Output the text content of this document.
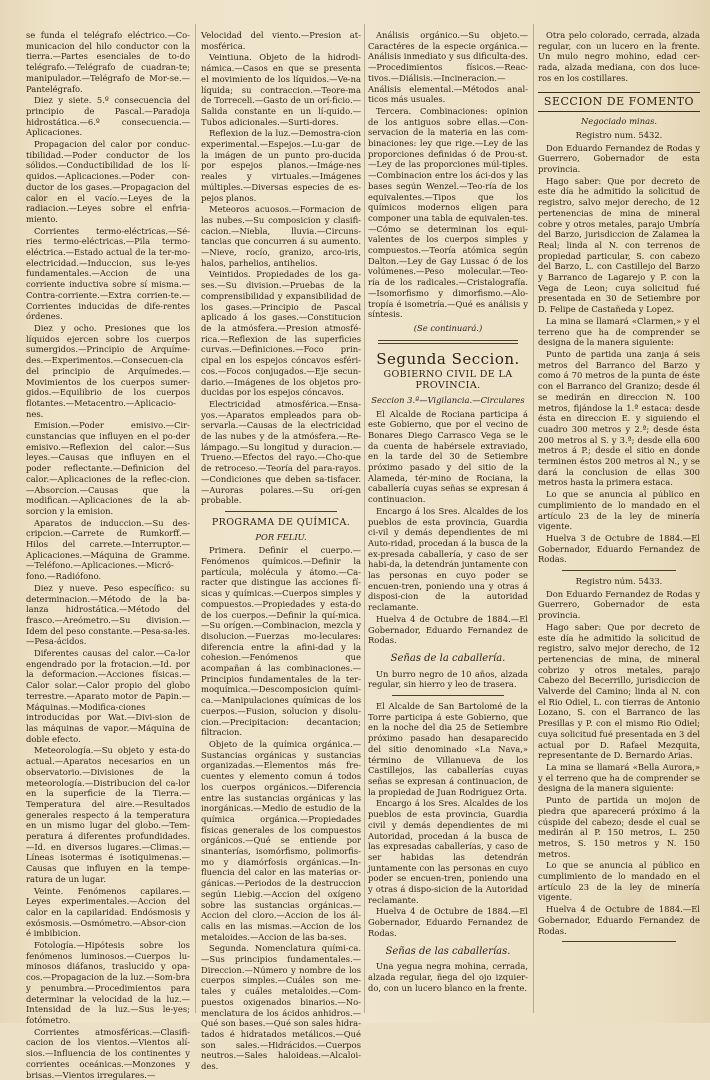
se funda el telégrafo eléctrico.—Co-municacion del hilo conductor con la tierra.—Partes esenciales de to-do telégrafo.—Telégrafo de cuadran-te; manipulador.—Telégrafo de Mor-se.—Pantelégrafo.

Diez y siete. 5.º consecuencia del principio de Pascal.—Paradoja hidrostática.—6.º consecuencia.—Aplicaciones.

Propagacion del calor por conduc-tibilidad.—Poder conductor de los sólidos.—Conductibilidad de los lí-quidos.—Aplicaciones.—Poder con-ductor de los gases.—Propagacion del calor en el vacío.—Leyes de la radiacion.—Leyes sobre el enfria-miento.

Corrientes termo-eléctricas.—Sé-ries termo-eléctricas.—Pila termo-eléctrica.—Estado actual de la ter-mo-electricidad.—Induccion, sus le-yes fundamentales.—Accion de una corriente inductiva sobre sí misma.—Contra-corriente.—Extra corrien-te.—Corrientes inducidas de dife-rentes órdenes.

Diez y ocho. Presiones que los líquidos ejercen sobre los cuerpos sumergidos.—Principio de Arquíme-des.—Experimentos.—Consecuen-cia del principio de Arquímedes.—Movimientos de los cuerpos sumer-gidos.—Equilibrio de los cuerpos flotantes.—Metacentro.—Aplicacio-nes.

Emision.—Poder emisivo.—Cir-cunstancias que influyen en el po-der emisivo.—Reflexion del calor.—Sus leyes.—Causas que influyen en el poder reflectante.—Definicion del calor.—Aplicaciones de la reflec-cion.—Absorcion.—Causas que la modifican.—Aplicaciones de la ab-sorcion y la emision.

Aparatos de induccion.—Su des-cripcion.—Carrete de Rumkorff.—Hilos del carrete.—Interruptor.—Aplicaciones.—Máquina de Gramme.—Teléfono.—Aplicaciones.—Micró-fono.—Radiófono.

Diez y nueve. Peso específico: su determinacion.—Método de la ba-lanza hidrostática.—Método del frasco.—Areómetro.—Su division.—Idem del peso constante.—Pesa-sa-les.—Pesa-ácidos.

Diferentes causas del calor.—Ca-lor engendrado por la frotacion.—Id. por la deformacion.—Acciones físicas.—Calor solar.—Calor propio del globo terrestre.—Aparato motor de Papin.—Máquinas.—Modifica-ciones introducidas por Wat.—Divi-sion de las máquinas de vapor.—Máquina de doble efecto.

Meteorología.—Su objeto y esta-do actual.—Aparatos necesarios en un observatorio.—Divisiones de la meteorología.—Distribucion del ca-lor en la superficie de la Tierra.—Temperatura del aire.—Resultados generales respecto á la temperatura en un mismo lugar del globo.—Tem-peratura á diferentes profundidades.—Id. en diversos lugares.—Climas.—Líneas isotermas é isotiquimenas.—Causas que influyen en la tempe-ratura de un lugar.

Veinte. Fenómenos capilares.—Leyes experimentales.—Accion del calor en la capilaridad. Endósmosis y exósmosis.—Osmómetro.—Absor-cion é imbibicion.

Fotología.—Hipótesis sobre los fenómenos luminosos.—Cuerpos lu-minosos diáfanos, traslucido y opa-cos.—Propagacion de la luz.—Som-bra y penumbra.—Procedimientos para determinar la velocidad de la luz.—Intensidad de la luz.—Sus le-yes; fotómetro.

Corrientes atmosféricas.—Clasifi-cacion de los vientos.—Vientos alí-sios.—Influencia de los continentes y corrientes oceánicas.—Monzones y brisas.—Vientos irregulares.—

Velocidad del viento.—Presion at-mosférica.

Veintiuna. Objeto de la hidrodi-námica.—Casos en que se presenta el movimiento de los líquidos.—Ve-na líquida; su contraccion.—Teore-ma de Torreceli.—Gasto de un orí-ficio.—Salida constante en un lí-quido.—Tubos adicionales.—Surti-dores.

Reflexion de la luz.—Demostra-cion experimental.—Espejos.—Lu-gar de la imágen de un punto pro-ducida por espejos planos.—Imáge-nes reales y virtuales.—Imágenes múltiples.—Diversas especies de es-pejos planos.

Meteoros acuosos.—Formacion de las nubes.—Su composicion y clasifi-cacion.—Niebla, lluvia.—Circuns-tancias que concurren á su aumento.—Nieve, rocío, granizo, arco-iris, halos, parhelios, antihelios.

Veintidos. Propiedades de los ga-ses.—Su division.—Pruebas de la comprensibilidad y expansibilidad de los gases.—Principio de Pascal aplicado á los gases.—Constitucion de la atmósfera.—Presion atmosfé-rica.—Reflexion de las superficies curvas.—Definiciones.—Foco prin-cipal en los espejos cóncavos esféri-cos.—Focos conjugados.—Eje secun-dario.—Imágenes de los objetos pro-ducidas por los espejos cóncavos.

Electricidad atmosférica.—Ensa-yos.—Aparatos empleados para ob-servarla.—Causas de la electricidad de las nubes y de la atmósfera.—Re-lámpago.—Su longitud y duracion.—Trueno.—Efectos del rayo.—Cho-que de retroceso.—Teoría del para-rayos.—Condiciones que deben sa-tisfacer.—Auroras polares.—Su orí-gen probable.

PROGRAMA DE QUÍMICA.
POR FELIU.

Primera. Definir el cuerpo.—Fenómenos químicos.—Definir la partícula, molécula y átomo.—Ca-racter que distingue las acciones fí-sicas y químicas.—Cuerpos simples y compuestos.—Propiedades y esta-do de los cuerpos.—Definir la quí-mica.—Su orígen.—Combinacion, mezcla y disolucion.—Fuerzas mo-leculares: diferencia entre la afini-dad y la cohesion.—Fenómenos que acompañan á las combinaciones.—Principios fundamentales de la ter-moquímica.—Descomposicion quími-ca.—Manipulaciones químicas de los cuerpos.—Fusion, solucion y disolu-cion.—Precipitacion: decantacion; filtracion.

Objeto de la química orgánica.—Sustancias orgánicas y sustancias organizadas.—Elementos más fre-cuentes y elemento comun á todos los cuerpos orgánicos.—Diferencia entre las sustancias orgánicas y las inorgánicas.—Medio de estudio de la química orgánica.—Propiedades físicas generales de los compuestos orgánicos.—Qué se entiende por sinanterías, isomórfismo, polimorfis-mo y diamórfosis orgánicas.—In-fluencia del calor en las materias or-gánicas.—Periodos de la destruccion según Liebig.—Accion del oxígeno sobre las sustancias orgánicas.—Accion del cloro.—Accion de los ál-calis en las mismas.—Accion de los metaloides.—Accion de las ba-ses.

Segunda. Nomenclatura quími-ca.—Sus principios fundamentales.—Direccion.—Número y nombre de los cuerpos simples.—Cuáles son me-tales y cuáles metaloides.—Com-puestos oxigenados binarios.—No-menclatura de los ácidos anhidros.—Qué son bases.—Qué son sales hidra-tados é hidratados metálicos.—Qué son sales.—Hidrácidos.—Cuerpos neutros.—Sales haloideas.—Alcaloi-des.

Análisis orgánico.—Su objeto.—Caractéres de la especie orgánica.—Análisis inmediato y sus dificulta-des.—Procedimientos físicos.—Reac-tivos.—Diálisis.—Incineracion.—Análisis elemental.—Métodos anal-ticos más usuales.

Tercera. Combinaciones: opinion de los antiguos sobre ellas.—Con-servacion de la materia en las com-binaciones: ley que rige.—Ley de las proporciones definidas ó de Prou-st.—Ley de las proporciones múl-tiples.—Combinacion entre los áci-dos y las bases según Wenzel.—Teo-ría de los equivalentes.—Tipos que los químicos modernos eligen para componer una tabla de equivalen-tes.—Cómo se determinan los equi-valentes de los cuerpos simples y compuestos.—Teoría atómica según Dalton.—Ley de Gay Lussac ó de los volúmenes.—Peso molecular.—Teo-ría de los radicales.—Cristalografía.—Isomorfismo y dimorfismo.—Alo-tropía é isometría.—Qué es análisis y síntesis.

(Se continuará.)

Segunda Seccion.
GOBIERNO CIVIL DE LA PROVINCIA.
Seccion 3.ª—Vigilancia.—Circulares

El Alcalde de Rociana participa á este Gobierno, que por el vecino de Bonares Diego Carrasco Vega se le da cuenta de habérsele extraviado, en la tarde del 30 de Setiembre próximo pasado y del sitio de la Alameda, tér-mino de Rociana, la caballería cuyas señas se expresan á continuacion.

Encargo á los Sres. Alcaldes de los pueblos de esta provincia, Guardia ci-vil y demás dependientes de mi Auto-ridad, procedan á la busca de la ex-presada caballería, y caso de ser habi-da, la detendrán juntamente con las personas en cuyo poder se encuen-tren, poniendo una y otras á disposi-cion de la autoridad reclamante.

Huelva 4 de Octubre de 1884.—El Gobernador, Eduardo Fernandez de Rodas.

Señas de la caballería.

Un burro negro de 10 años, alzada regular, sin hierro y leo de trasera.

El Alcalde de San Bartolomé de la Torre participa á este Gobierno, que en la noche del dia 25 de Setiembre próximo pasado han desaparecido del sitio denominado «La Nava,» término de Villanueva de los Castillejos, las caballerías cuyas señas se expresan á continuacion, de la propiedad de Juan Rodriguez Orta.

Encargo á los Sres. Alcaldes de los pueblos de esta provincia, Guardia civil y demás dependientes de mi Autoridad, procedan á la busca de las expresadas caballerías, y caso de ser habidas las detendrán juntamente con las personas en cuyo poder se encuen-tren, poniendo una y otras á dispo-sicion de la Autoridad reclamante.

Huelva 4 de Octubre de 1884.—El Gobernador, Eduardo Fernandez de Rodas.

Señas de las caballerías.

Una yegua negra mohina, cerrada, alzada regular, ñega del ojo izquier-do, con un lucero blanco en la frente.

Otra pelo colorado, cerrada, alzada regular, con un lucero en la frente. Un mulo negro mohino, edad cer-rada, alzada mediana, con dos luce-ros en los costillares.

SECCION DE FOMENTO
Negociado minas.

Registro num. 5432.

Don Eduardo Fernandez de Rodas y Guerrero, Gobernador de esta provincia.

Hago saber: Que por decreto de este día he admitido la solicitud de registro, salvo mejor derecho, de 12 pertenencias de mina de mineral cobre y otros metales, parajo Umbría del Barzo, jurisdiccion de Zalamea la Real; linda al N. con terrenos de propiedad particular, S. con cabezo del Barzo, L. con Castillejo del Barzo y Barranco de Lagarejo y P. con la Vega de Leon; cuya solicitud fué presentada en 30 de Setiembre por D. Felipe de Castañeda y Lopez.

La mina se llamará «Clarmen,» y el terreno que ha de comprender se designa de la manera siguiente:

Punto de partida una zanja á seis metros del Barranco del Barzo y como á 70 metros de la punta de éste con el Barranco del Granizo; desde él se medirán en direccion N. 100 metros, fijándose la 1.ª estaca: desde ésta en direccion E. y siguiendo el cuadro 300 metros y 2.ª; desde ésta 200 metros al S. y 3.ª; desde ella 600 metros á P.; desde el sitio en donde terminen éstos 200 metros al N., y se dará la conclusion de ellas 300 metros hasta la primera estaca.

Lo que se anuncia al público en cumplimiento de lo mandado en el artículo 23 de la ley de minería vigente.

Huelva 3 de Octubre de 1884.—El Gobernador, Eduardo Fernandez de Rodas.

Registro núm. 5433.

Don Eduardo Fernandez de Rodas y Guerrero, Gobernador de esta provincia.

Hago saber: Que por decreto de este día he admitido la solicitud de registro, salvo mejor derecho, de 12 pertenencias de mina, de mineral cobrizo y otros metales, parajo Cabezo del Becerrillo, jurisdiccion de Valverde del Camino; linda al N. con el Rio Odiel, L. con tierras de Antonio Lozano, S. con el Barranco de las Presillas y P. con el mismo Rio Odiel; cuya solicitud fué presentada en 3 del actual por D. Rafael Mezquita, representante de D. Bernardo Arias.

La mina se llamará «Bella Aurora,» y el terreno que ha de comprender se designa de la manera siguiente:

Punto de partida un mojon de piedra que aparecerá próximo á la cúspide del cabezo; desde el cual se medirán al P. 150 metros, L. 250 metros, S. 150 metros y N. 150 metros.

Lo que se anuncia al público en cumplimiento de lo mandado en el artículo 23 de la ley de minería vigente.

Huelva 4 de Octubre de 1884.—El Gobernador, Eduardo Fernandez de Rodas.
